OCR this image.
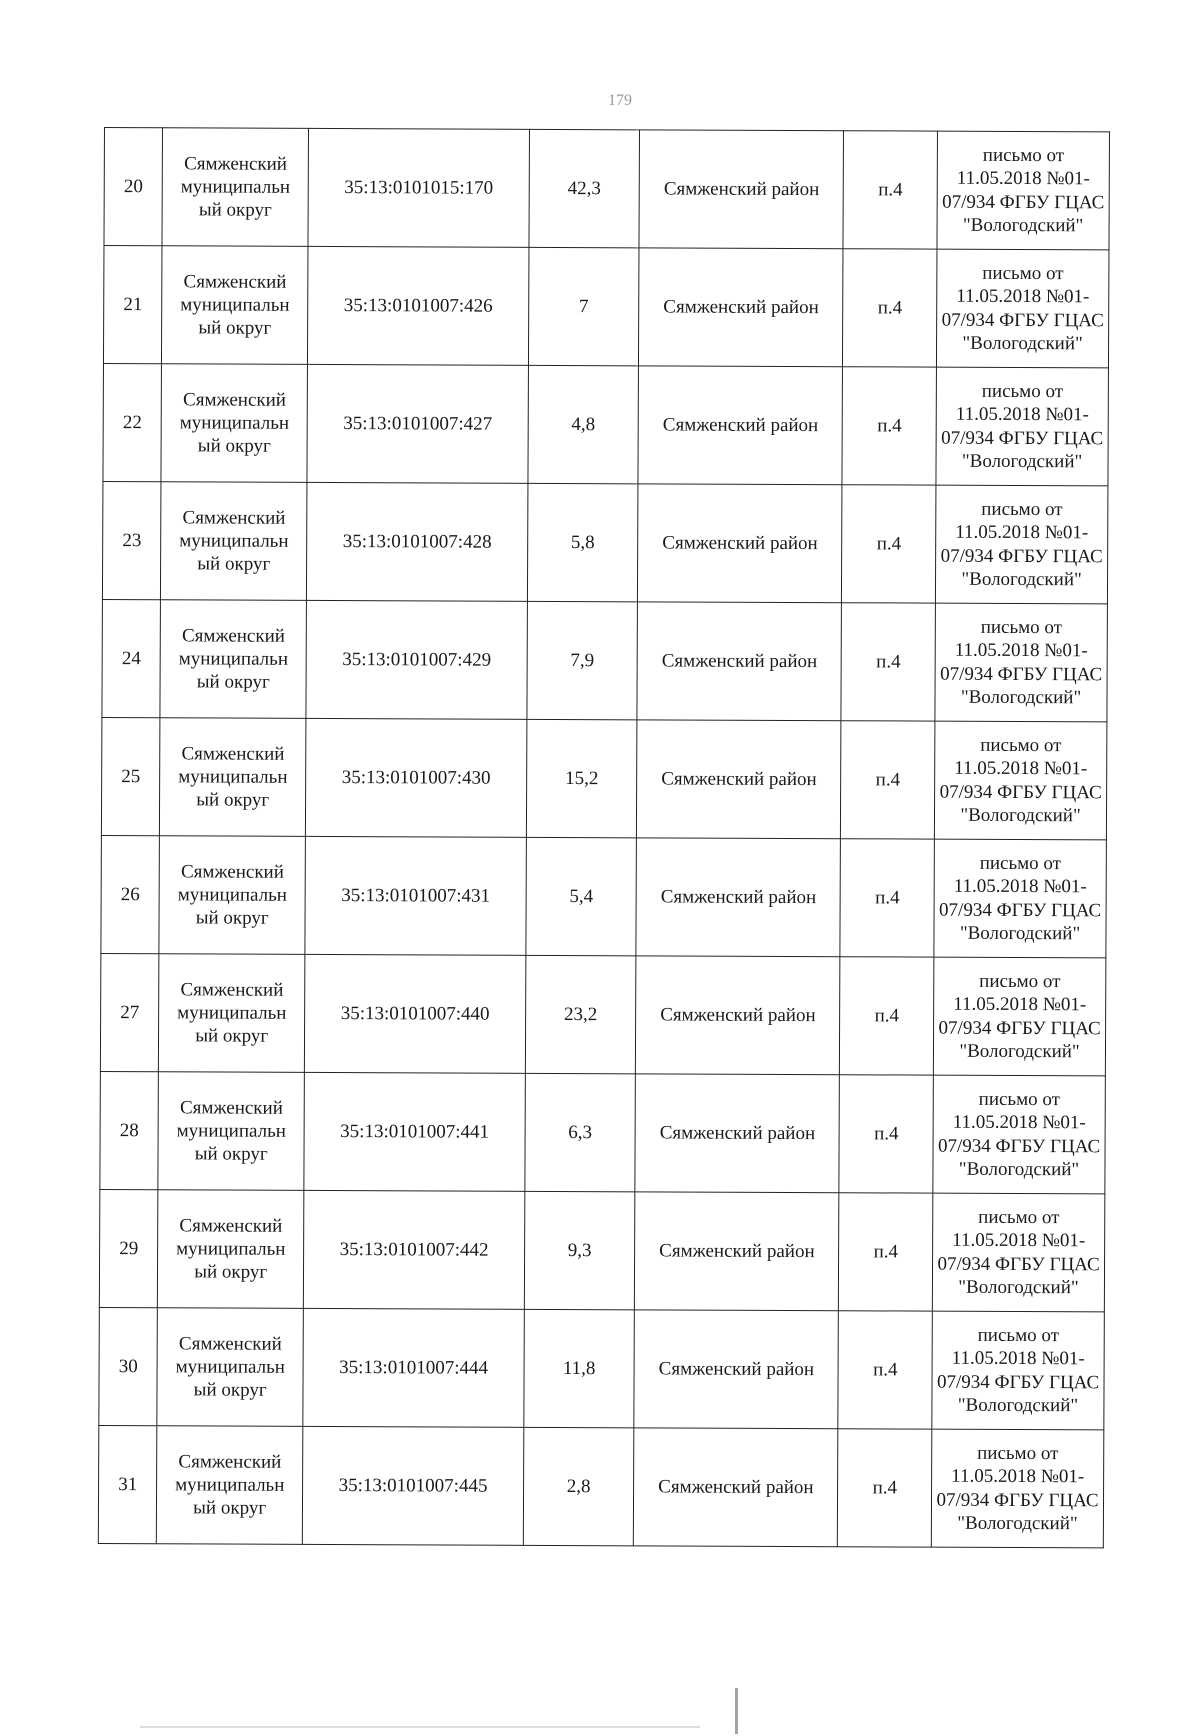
179
20	Сямженский муниципальн ый округ	35:13:0101015:170	42,3	Сямженский район	п.4	письмо от 11.05.2018 №01-07/934 ФГБУ ГЦАС "Вологодский"
21	Сямженский муниципальн ый округ	35:13:0101007:426	7	Сямженский район	п.4	письмо от 11.05.2018 №01-07/934 ФГБУ ГЦАС "Вологодский"
22	Сямженский муниципальн ый округ	35:13:0101007:427	4,8	Сямженский район	п.4	письмо от 11.05.2018 №01-07/934 ФГБУ ГЦАС "Вологодский"
23	Сямженский муниципальн ый округ	35:13:0101007:428	5,8	Сямженский район	п.4	письмо от 11.05.2018 №01-07/934 ФГБУ ГЦАС "Вологодский"
24	Сямженский муниципальн ый округ	35:13:0101007:429	7,9	Сямженский район	п.4	письмо от 11.05.2018 №01-07/934 ФГБУ ГЦАС "Вологодский"
25	Сямженский муниципальн ый округ	35:13:0101007:430	15,2	Сямженский район	п.4	письмо от 11.05.2018 №01-07/934 ФГБУ ГЦАС "Вологодский"
26	Сямженский муниципальн ый округ	35:13:0101007:431	5,4	Сямженский район	п.4	письмо от 11.05.2018 №01-07/934 ФГБУ ГЦАС "Вологодский"
27	Сямженский муниципальн ый округ	35:13:0101007:440	23,2	Сямженский район	п.4	письмо от 11.05.2018 №01-07/934 ФГБУ ГЦАС "Вологодский"
28	Сямженский муниципальн ый округ	35:13:0101007:441	6,3	Сямженский район	п.4	письмо от 11.05.2018 №01-07/934 ФГБУ ГЦАС "Вологодский"
29	Сямженский муниципальн ый округ	35:13:0101007:442	9,3	Сямженский район	п.4	письмо от 11.05.2018 №01-07/934 ФГБУ ГЦАС "Вологодский"
30	Сямженский муниципальн ый округ	35:13:0101007:444	11,8	Сямженский район	п.4	письмо от 11.05.2018 №01-07/934 ФГБУ ГЦАС "Вологодский"
31	Сямженский муниципальн ый округ	35:13:0101007:445	2,8	Сямженский район	п.4	письмо от 11.05.2018 №01-07/934 ФГБУ ГЦАС "Вологодский"
